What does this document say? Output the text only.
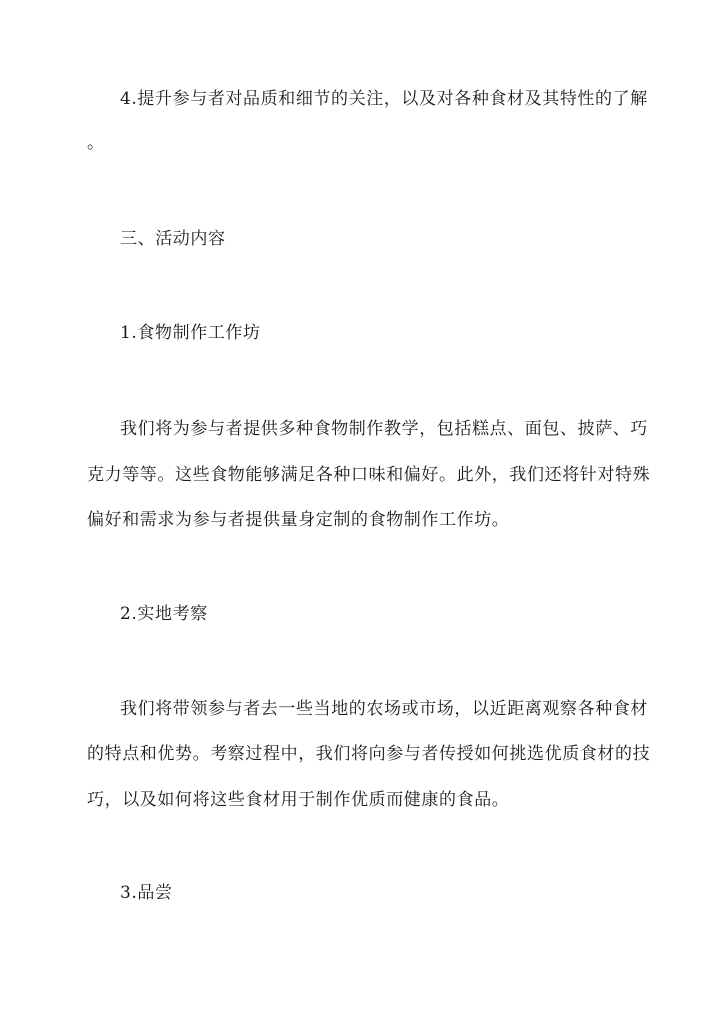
4.提升参与者对品质和细节的关注，以及对各种食材及其特性的了解
。
三、活动内容
1.食物制作工作坊
我们将为参与者提供多种食物制作教学，包括糕点、面包、披萨、巧
克力等等。这些食物能够满足各种口味和偏好。此外，我们还将针对特殊
偏好和需求为参与者提供量身定制的食物制作工作坊。
2.实地考察
我们将带领参与者去一些当地的农场或市场，以近距离观察各种食材
的特点和优势。考察过程中，我们将向参与者传授如何挑选优质食材的技
巧，以及如何将这些食材用于制作优质而健康的食品。
3.品尝
